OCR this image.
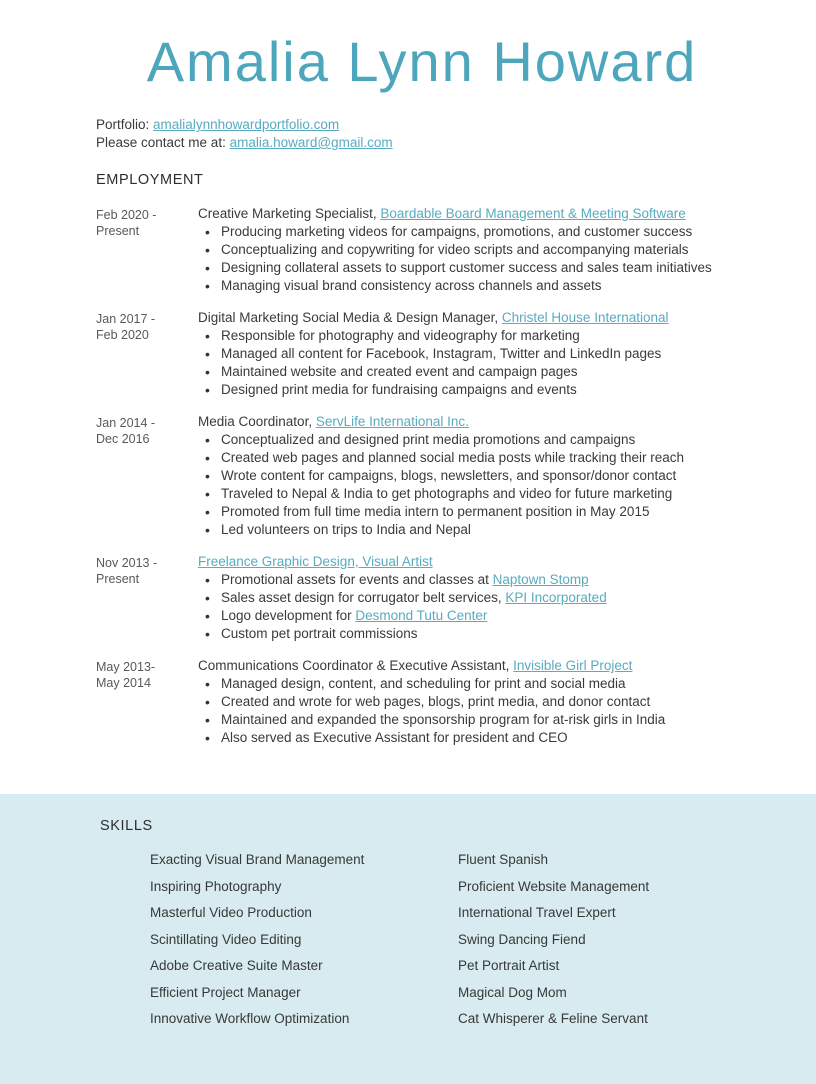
Amalia Lynn Howard
Portfolio: amalialynnhowardportfolio.com
Please contact me at: amalia.howard@gmail.com
EMPLOYMENT
Feb 2020 -
Present
Creative Marketing Specialist, Boardable Board Management & Meeting Software
• Producing marketing videos for campaigns, promotions, and customer success
• Conceptualizing and copywriting for video scripts and accompanying materials
• Designing collateral assets to support customer success and sales team initiatives
• Managing visual brand consistency across channels and assets
Jan 2017 -
Feb 2020
Digital Marketing Social Media & Design Manager, Christel House International
• Responsible for photography and videography for marketing
• Managed all content for Facebook, Instagram, Twitter and LinkedIn pages
• Maintained website and created event and campaign pages
• Designed print media for fundraising campaigns and events
Jan 2014 -
Dec 2016
Media Coordinator, ServLife International Inc.
• Conceptualized and designed print media promotions and campaigns
• Created web pages and planned social media posts while tracking their reach
• Wrote content for campaigns, blogs, newsletters, and sponsor/donor contact
• Traveled to Nepal & India to get photographs and video for future marketing
• Promoted from full time media intern to permanent position in May 2015
• Led volunteers on trips to India and Nepal
Nov 2013 -
Present
Freelance Graphic Design, Visual Artist
• Promotional assets for events and classes at Naptown Stomp
• Sales asset design for corrugator belt services, KPI Incorporated
• Logo development for Desmond Tutu Center
• Custom pet portrait commissions
May 2013-
May 2014
Communications Coordinator & Executive Assistant, Invisible Girl Project
• Managed design, content, and scheduling for print and social media
• Created and wrote for web pages, blogs, print media, and donor contact
• Maintained and expanded the sponsorship program for at-risk girls in India
• Also served as Executive Assistant for president and CEO
SKILLS
Exacting Visual Brand Management
Inspiring Photography
Masterful Video Production
Scintillating Video Editing
Adobe Creative Suite Master
Efficient Project Manager
Innovative Workflow Optimization
Fluent Spanish
Proficient Website Management
International Travel Expert
Swing Dancing Fiend
Pet Portrait Artist
Magical Dog Mom
Cat Whisperer & Feline Servant
